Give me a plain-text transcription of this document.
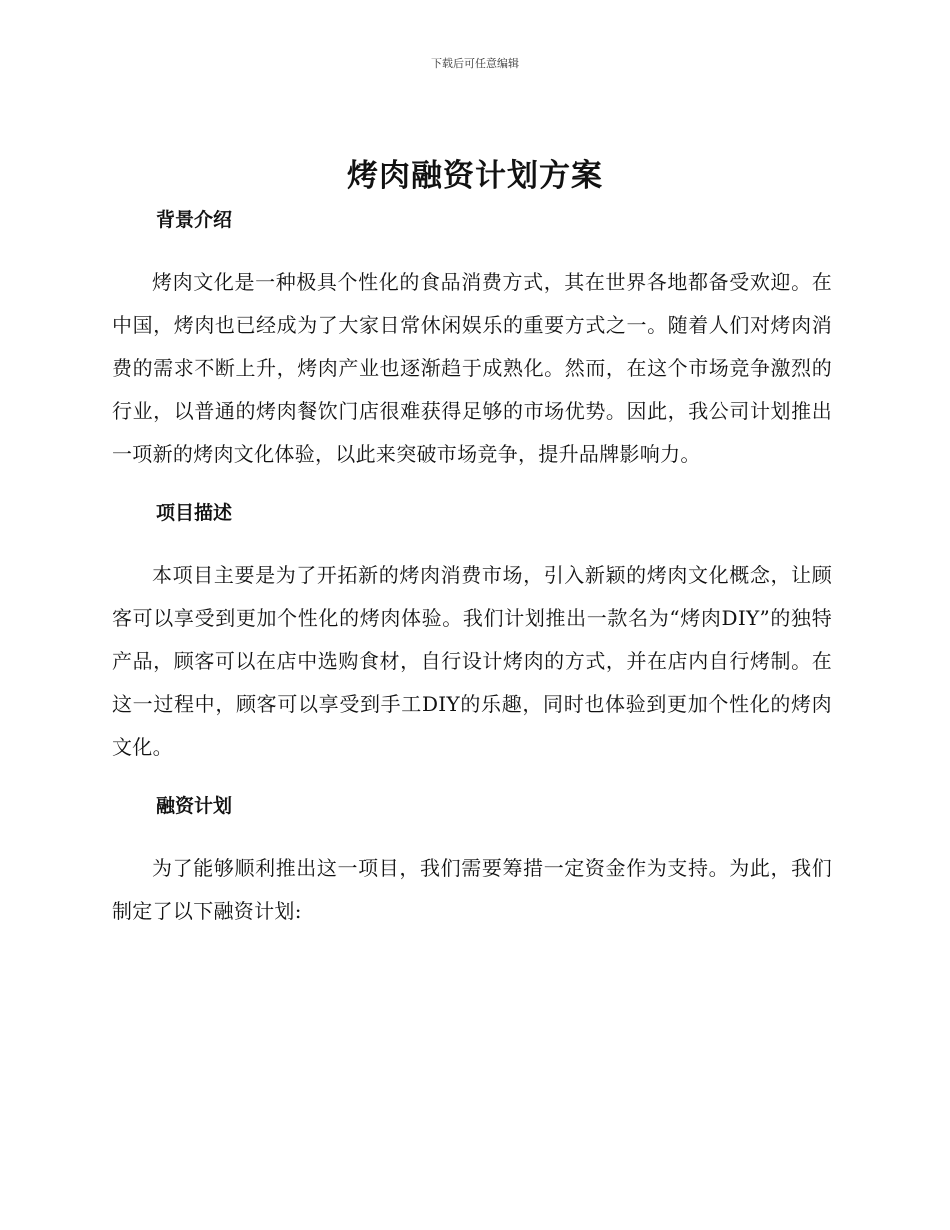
下载后可任意编辑
烤肉融资计划方案
背景介绍

烤肉文化是一种极具个性化的食品消费方式，其在世界各地都备受欢迎。在中国，烤肉也已经成为了大家日常休闲娱乐的重要方式之一。随着人们对烤肉消费的需求不断上升，烤肉产业也逐渐趋于成熟化。然而，在这个市场竞争激烈的行业，以普通的烤肉餐饮门店很难获得足够的市场优势。因此，我公司计划推出一项新的烤肉文化体验，以此来突破市场竞争，提升品牌影响力。

项目描述

本项目主要是为了开拓新的烤肉消费市场，引入新颖的烤肉文化概念，让顾客可以享受到更加个性化的烤肉体验。我们计划推出一款名为“烤肉DIY”的独特产品，顾客可以在店中选购食材，自行设计烤肉的方式，并在店内自行烤制。在这一过程中，顾客可以享受到手工DIY的乐趣，同时也体验到更加个性化的烤肉文化。

融资计划

为了能够顺利推出这一项目，我们需要筹措一定资金作为支持。为此，我们制定了以下融资计划:
